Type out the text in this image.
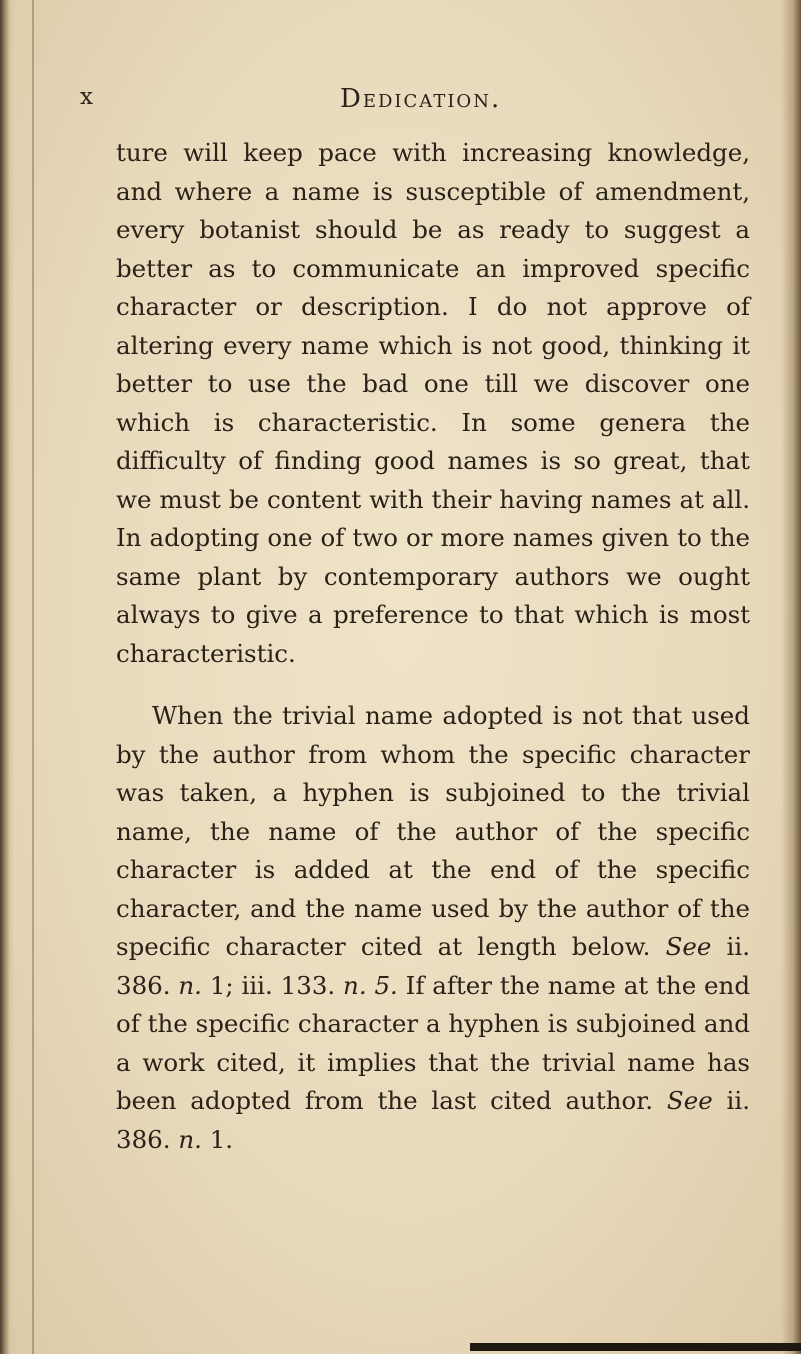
x	Dedication.

ture will keep pace with increasing knowledge, and where a name is susceptible of amendment, every botanist should be as ready to suggest a better as to communicate an improved specific character or description. I do not approve of altering every name which is not good, thinking it better to use the bad one till we discover one which is characteristic. In some genera the difficulty of finding good names is so great, that we must be content with their having names at all. In adopting one of two or more names given to the same plant by contemporary authors we ought always to give a preference to that which is most characteristic.

When the trivial name adopted is not that used by the author from whom the specific character was taken, a hyphen is subjoined to the trivial name, the name of the author of the specific character is added at the end of the specific character, and the name used by the author of the specific character cited at length below. See ii. 386. n. 1; iii. 133. n. 5. If after the name at the end of the specific character a hyphen is subjoined and a work cited, it implies that the trivial name has been adopted from the last cited author. See ii. 386. n. 1.
